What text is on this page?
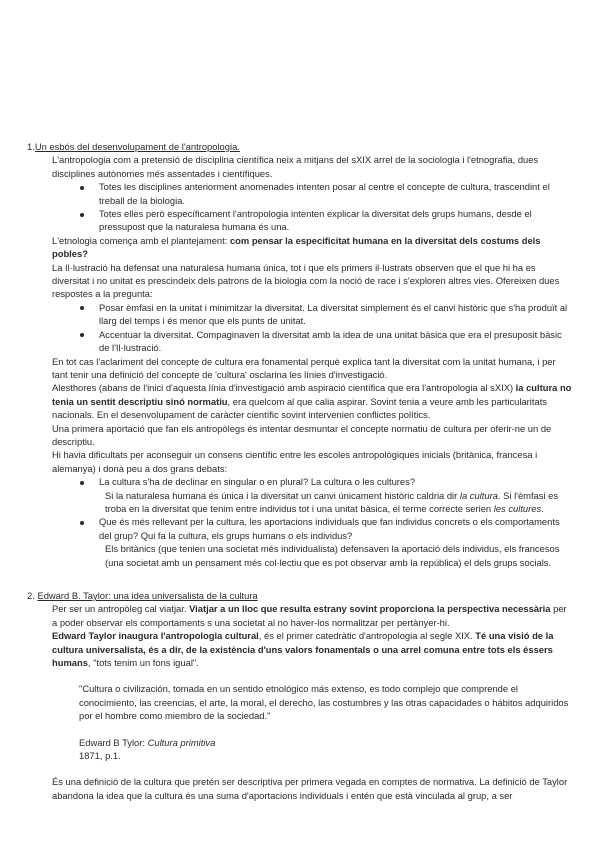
1.Un esbós del desenvolupament de l'antropologia.

L'antropologia com a pretensió de disciplina científica neix a mitjans del sXIX arrel de la sociologia i l'etnografia, dues disciplines autònomes més assentades i científiques.

Totes les disciplines anteriorment anomenades intenten posar al centre el concepte de cultura, trascendint el treball de la biologia.
Totes elles però específicament l'antropologia intenten explicar la diversitat dels grups humans, desde el pressupost que la naturalesa humana és una.

L'etnologia comença amb el plantejament: com pensar la especificitat humana en la diversitat dels costums dels pobles?

La Il·lustració ha defensat una naturalesa humana única, tot i que els primers il·lustrats observen que el que hi ha es diversitat i no unitat es prescindeix dels patrons de la biologia com la noció de race i s'exploren altres vies. Ofereixen dues respostes a la pregunta:

Posar èmfasi en la unitat i minimitzar la diversitat. La diversitat simplement és el canvi històric que s'ha produït al llarg del temps i és menor que els punts de unitat.
Accentuar la diversitat. Compaginaven la diversitat amb la idea de una unitat bàsica que era el presuposit bàsic de l'Il·lustració.

En tot cas l'aclariment del concepte de cultura era fonamental perquè explica tant la diversitat com la unitat humana, i per tant tenir una definició del concepte de 'cultura' osclarina les línies d'investigació.

Alesthores (abans de l'inici d'aquesta línia d'investigació amb aspiració científica que era l'antropologia al sXIX) la cultura no tenia un sentit descriptiu sinó normatiu, era quelcom al que calia aspirar. Sovint tenia a veure amb les particularitats nacionals. En el desenvolupament de caràcter científic sovint intervenien conflictes polítics.

Una primera aportació que fan els antropòlegs és intentar desmuntar el concepte normatiu de cultura per oferir-ne un de descriptiu.

Hi havia dificultats per aconseguir un consens científic entre les escoles antropològiques inicials (britànica, francesa i alemanya) i donà peu a dos grans debats:

La cultura s'ha de declinar en singular o en plural? La cultura o les cultures?

Si la naturalesa humana és única i la diversitat un canvi únicament històric caldria dir la cultura. Si l'èmfasi es troba en la diversitat que tenim entre individus tot i una unitat bàsica, el terme correcte serien les cultures.

Que és més rellevant per la cultura, les aportacions individuals que fan individus concrets o els comportaments del grup? Qui fa la cultura, els grups humans o els individus?

Els britànics (que tenien una societat més individualista) defensaven la aportació dels individus, els francesos (una societat amb un pensament més col·lectiu que es pot observar amb la república) el dels grups socials.

2. Edward B. Taylor: una idea universalista de la cultura

Per ser un antropòleg cal viatjar. Viatjar a un lloc que resulta estrany sovint proporciona la perspectiva necessària per a poder observar els comportaments s una societat al no haver-los normalitzar per pertànyer-hi.

Edward Taylor inaugura l'antropologia cultural, és el primer catedràtic d'antropologia al segle XIX. Té una visió de la cultura universalista, és a dir, de la existència d'uns valors fonamentals o una arrel comuna entre tots els éssers humans, "tots tenim un fons igual".

"Cultura o civilización, tomada en un sentido etnológico más extenso, es todo complejo que comprende el conocimiento, las creencias, el arte, la moral, el derecho, las costumbres y las otras capacidades o hábitos adquiridos por el hombre como miembro de la sociedad."

Edward B Tylor: Cultura primitiva

1871, p.1.

És una definició de la cultura que pretén ser descriptiva per primera vegada en comptes de normativa. La definició de Taylor abandona la idea que la cultura és una suma d'aportacions individuals i entén que està vinculada al grup, a ser
